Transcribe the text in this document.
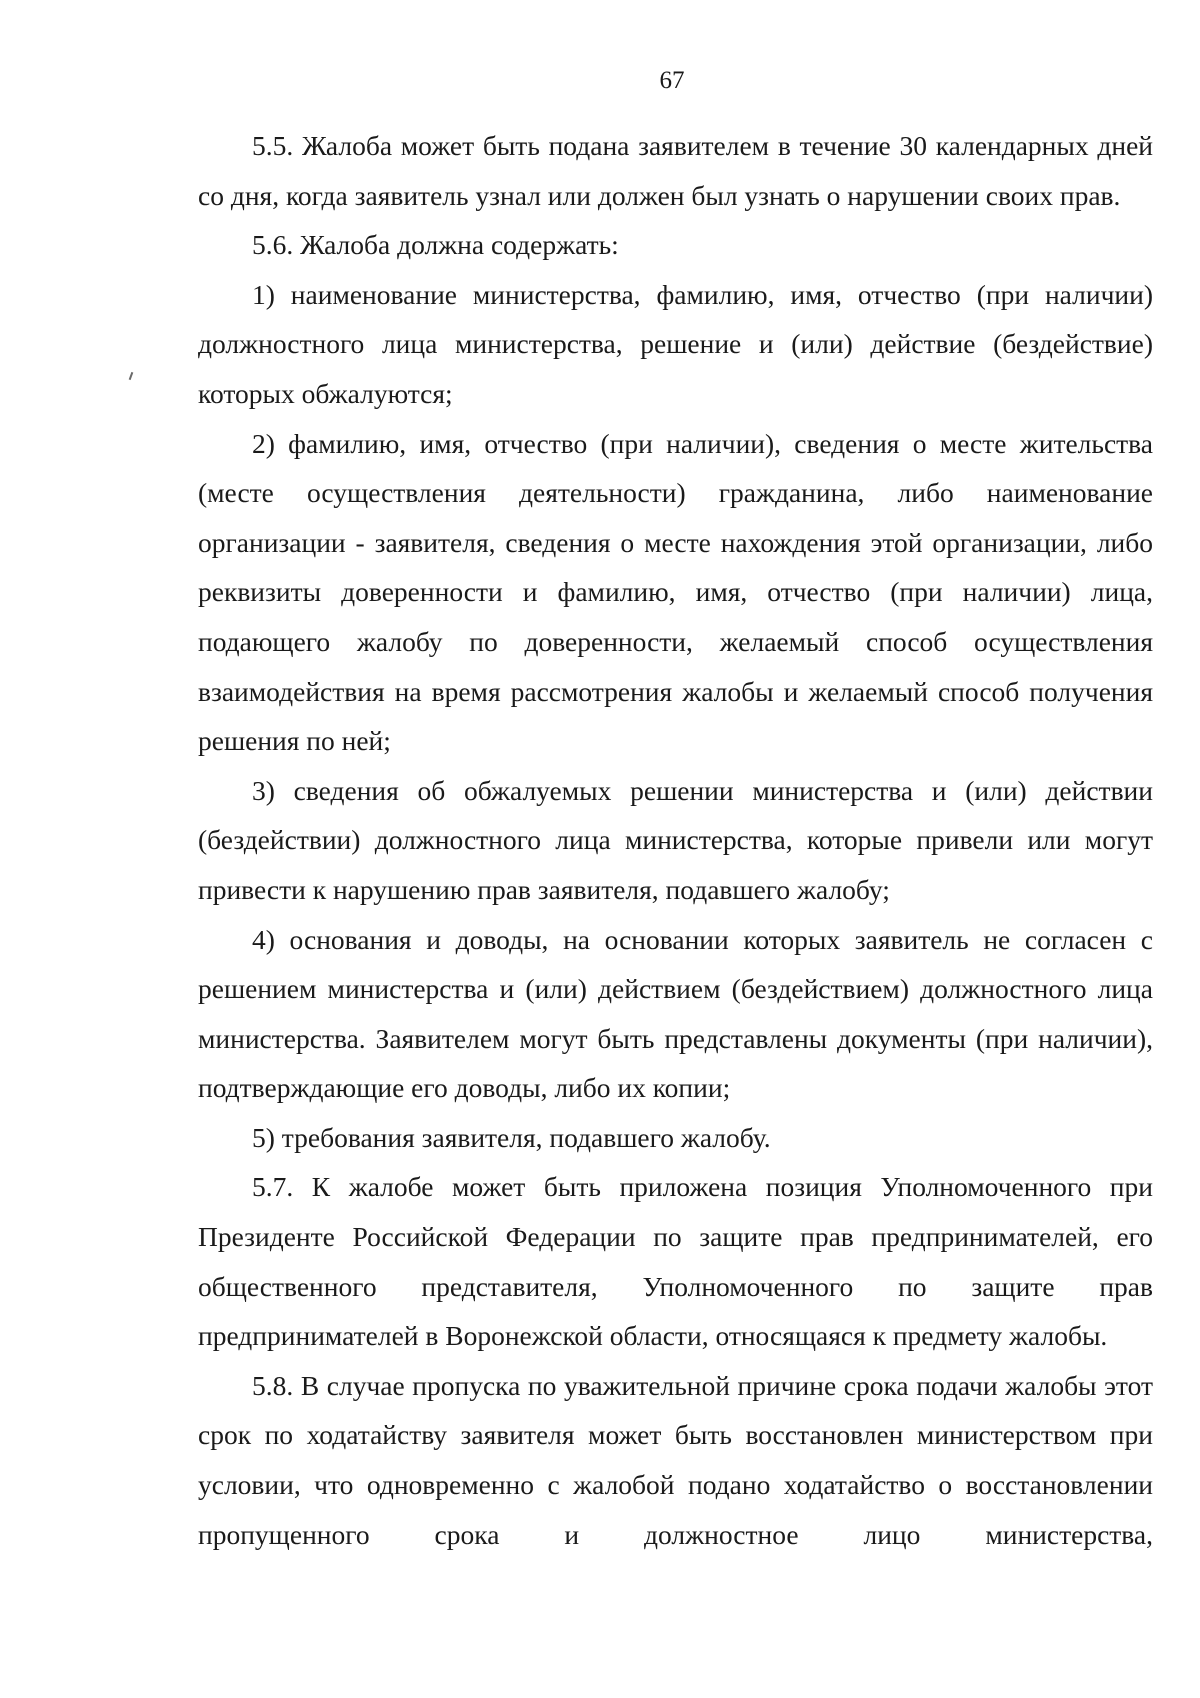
67

5.5. Жалоба может быть подана заявителем в течение 30 календарных дней со дня, когда заявитель узнал или должен был узнать о нарушении своих прав.

5.6. Жалоба должна содержать:

1) наименование министерства, фамилию, имя, отчество (при наличии) должностного лица министерства, решение и (или) действие (бездействие) которых обжалуются;

2) фамилию, имя, отчество (при наличии), сведения о месте жительства (месте осуществления деятельности) гражданина, либо наименование организации - заявителя, сведения о месте нахождения этой организации, либо реквизиты доверенности и фамилию, имя, отчество (при наличии) лица, подающего жалобу по доверенности, желаемый способ осуществления взаимодействия на время рассмотрения жалобы и желаемый способ получения решения по ней;

3) сведения об обжалуемых решении министерства и (или) действии (бездействии) должностного лица министерства, которые привели или могут привести к нарушению прав заявителя, подавшего жалобу;

4) основания и доводы, на основании которых заявитель не согласен с решением министерства и (или) действием (бездействием) должностного лица министерства. Заявителем могут быть представлены документы (при наличии), подтверждающие его доводы, либо их копии;

5) требования заявителя, подавшего жалобу.

5.7. К жалобе может быть приложена позиция Уполномоченного при Президенте Российской Федерации по защите прав предпринимателей, его общественного представителя, Уполномоченного по защите прав предпринимателей в Воронежской области, относящаяся к предмету жалобы.

5.8. В случае пропуска по уважительной причине срока подачи жалобы этот срок по ходатайству заявителя может быть восстановлен министерством при условии, что одновременно с жалобой подано ходатайство о восстановлении пропущенного срока и должностное лицо министерства,
